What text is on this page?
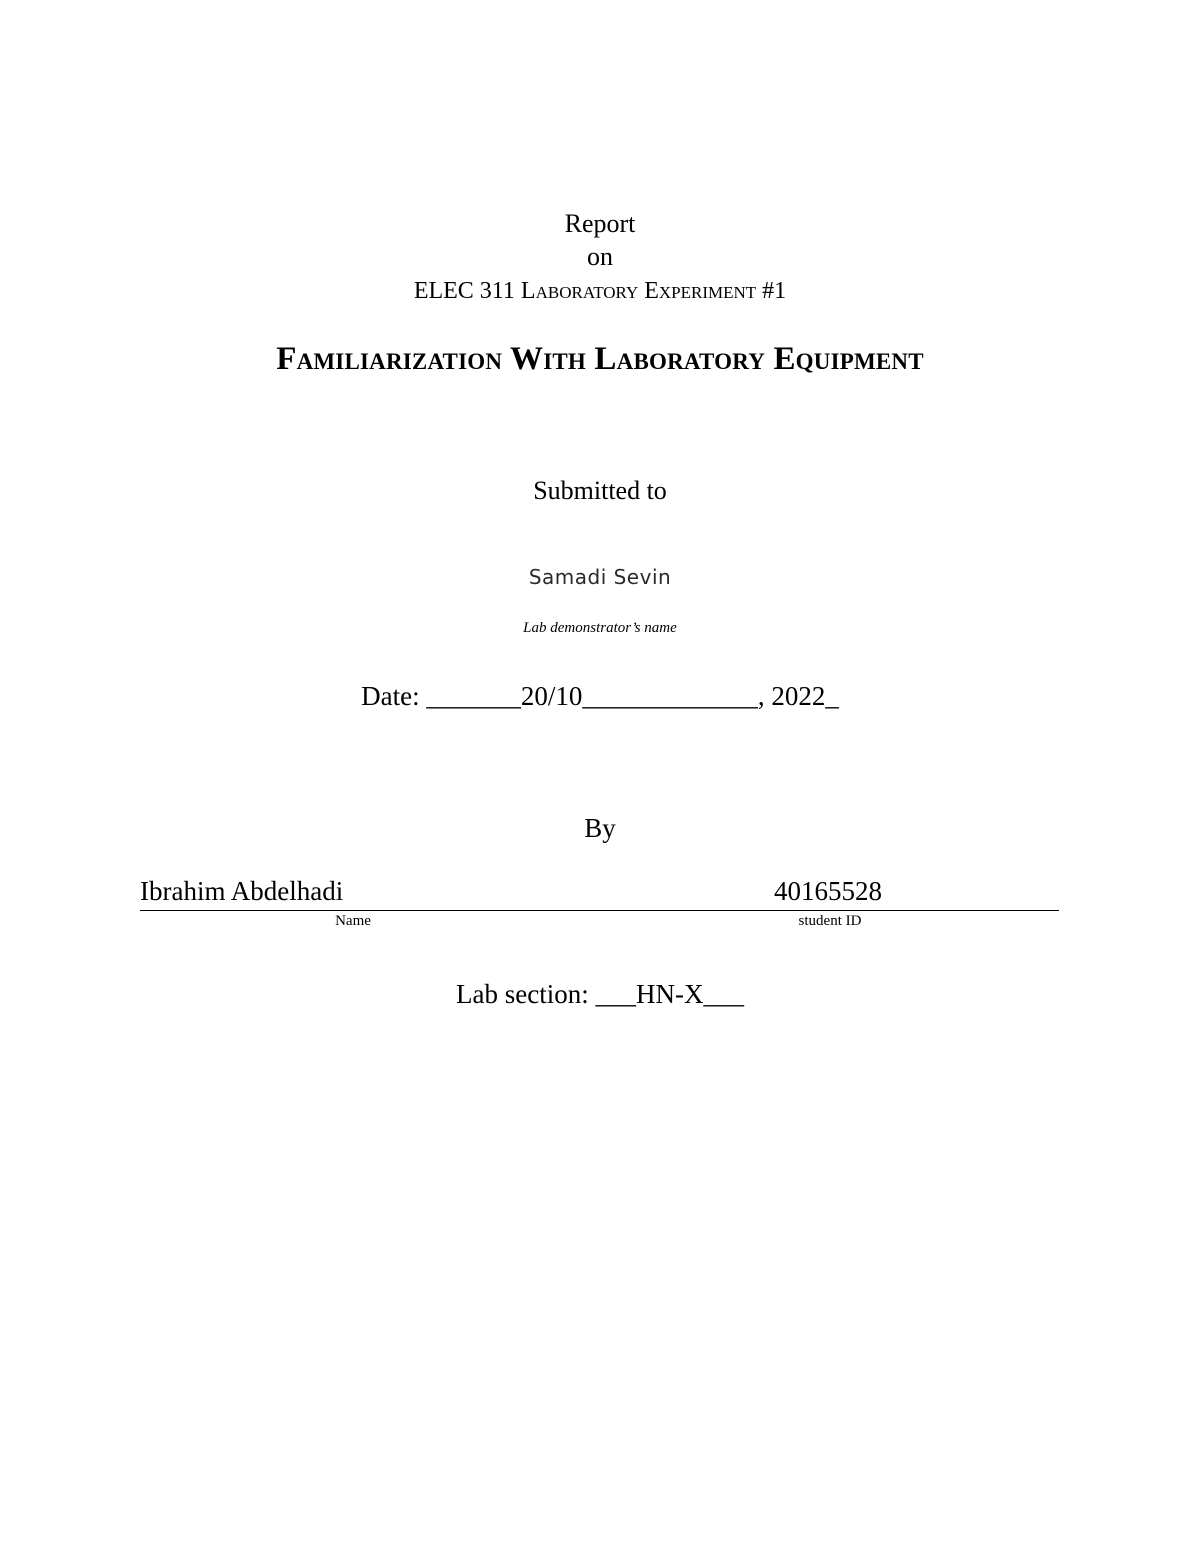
Report
on
ELEC 311 Laboratory Experiment #1
Familiarization With Laboratory Equipment
Submitted to
Samadi Sevin
Lab demonstrator’s name
Date: _______20/10_____________, 2022_
By
Ibrahim Abdelhadi	40165528
Name	student ID
Lab section: ___HN-X___
